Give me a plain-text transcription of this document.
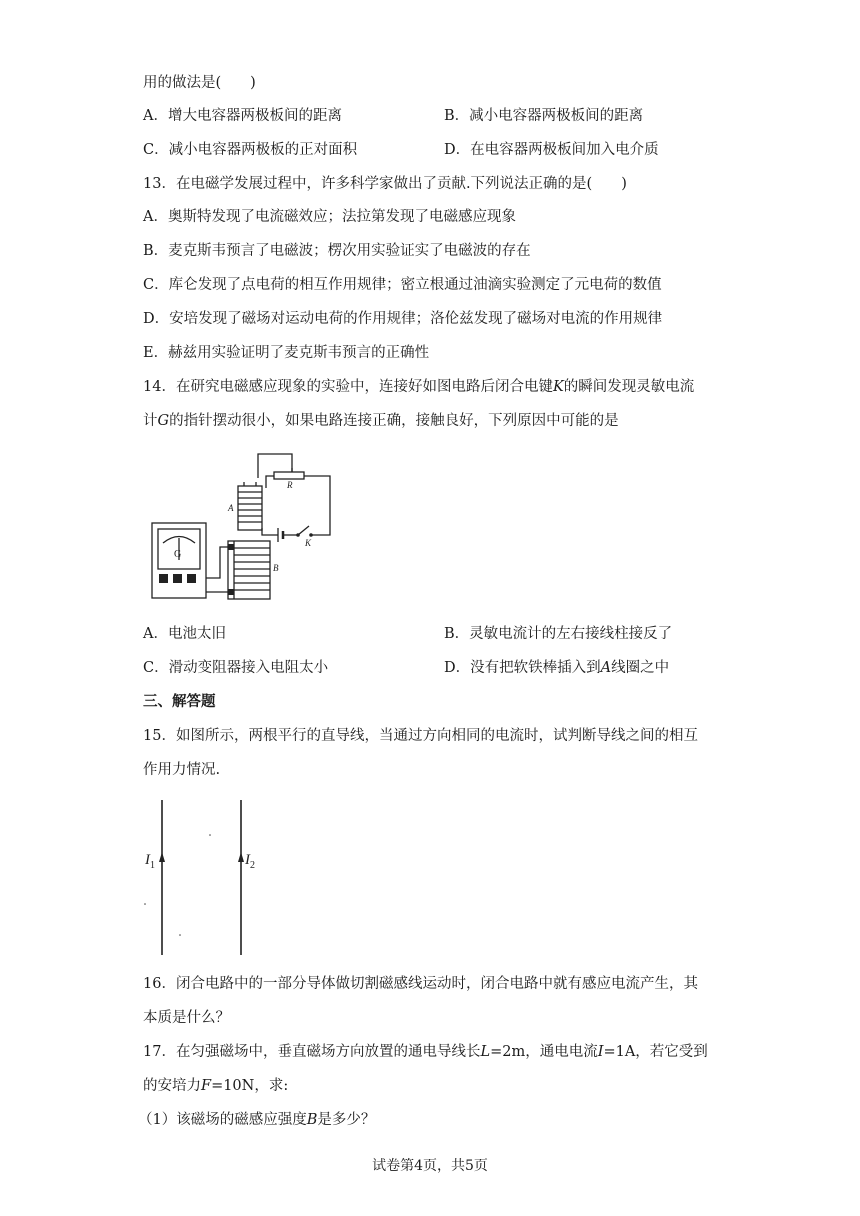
用的做法是(　　)
A．增大电容器两极板间的距离	B．减小电容器两极板间的距离
C．减小电容器两极板的正对面积	D．在电容器两极板间加入电介质
13．在电磁学发展过程中，许多科学家做出了贡献.下列说法正确的是(　　)
A．奥斯特发现了电流磁效应；法拉第发现了电磁感应现象
B．麦克斯韦预言了电磁波；楞次用实验证实了电磁波的存在
C．库仑发现了点电荷的相互作用规律；密立根通过油滴实验测定了元电荷的数值
D．安培发现了磁场对运动电荷的作用规律；洛伦兹发现了磁场对电流的作用规律
E．赫兹用实验证明了麦克斯韦预言的正确性
14．在研究电磁感应现象的实验中，连接好如图电路后闭合电键K的瞬间发现灵敏电流
计G的指针摆动很小，如果电路连接正确，接触良好，下列原因中可能的是
R
A
K
G
B
A．电池太旧	B．灵敏电流计的左右接线柱接反了
C．滑动变阻器接入电阻太小	D．没有把软铁棒插入到A线圈之中
三、解答题
15．如图所示，两根平行的直导线，当通过方向相同的电流时，试判断导线之间的相互
作用力情况.
$I_1$	$I_2$
16．闭合电路中的一部分导体做切割磁感线运动时，闭合电路中就有感应电流产生，其
本质是什么？
17．在匀强磁场中，垂直磁场方向放置的通电导线长L=2m，通电电流I=1A，若它受到
的安培力F=10N，求:
（1）该磁场的磁感应强度B是多少？
试卷第4页，共5页
